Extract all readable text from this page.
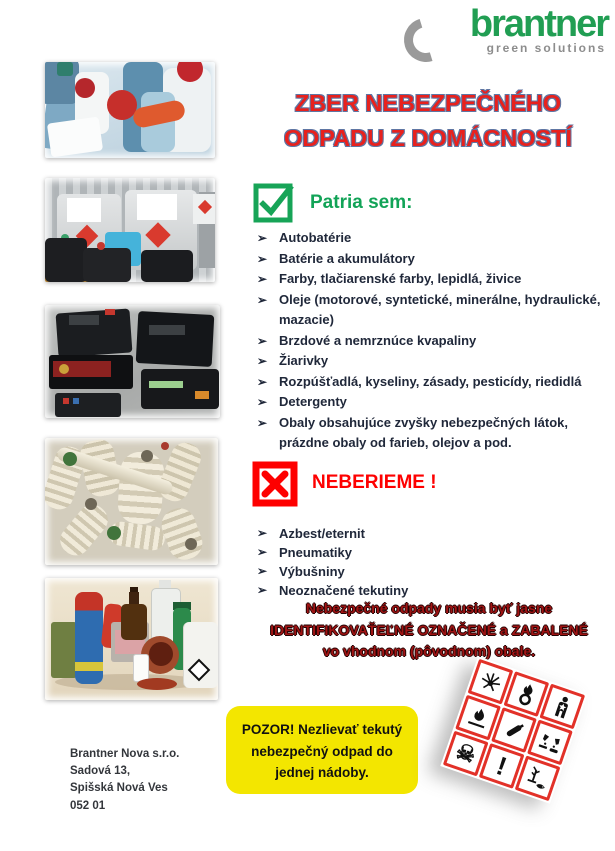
brantner
green solutions
ZBER NEBEZPEČNÉHO
ODPADU Z DOMÁCNOSTÍ
Patria sem:
➢ Autobatérie
➢ Batérie a akumulátory
➢ Farby, tlačiarenské farby, lepidlá, živice
➢ Oleje (motorové, syntetické, minerálne, hydraulické, mazacie)
➢ Brzdové a nemrznúce kvapaliny
➢ Žiarivky
➢ Rozpúšťadlá, kyseliny, zásady, pesticídy, riedidlá
➢ Detergenty
➢ Obaly obsahujúce zvyšky nebezpečných látok, prázdne obaly od farieb, olejov a pod.
NEBERIEME !
➢ Azbest/eternit
➢ Pneumatiky
➢ Výbušniny
➢ Neoznačené tekutiny
Nebezpečné odpady musia byť jasne
IDENTIFIKOVAŤEĽNÉ OZNAČENÉ a ZABALENÉ
vo vhodnom (pôvodnom) obale.
POZOR! Nezlievať tekutý
nebezpečný odpad do
jednej nádoby.
Brantner Nova s.r.o.
Sadová 13,
Spišská Nová Ves
052 01
☠ !
